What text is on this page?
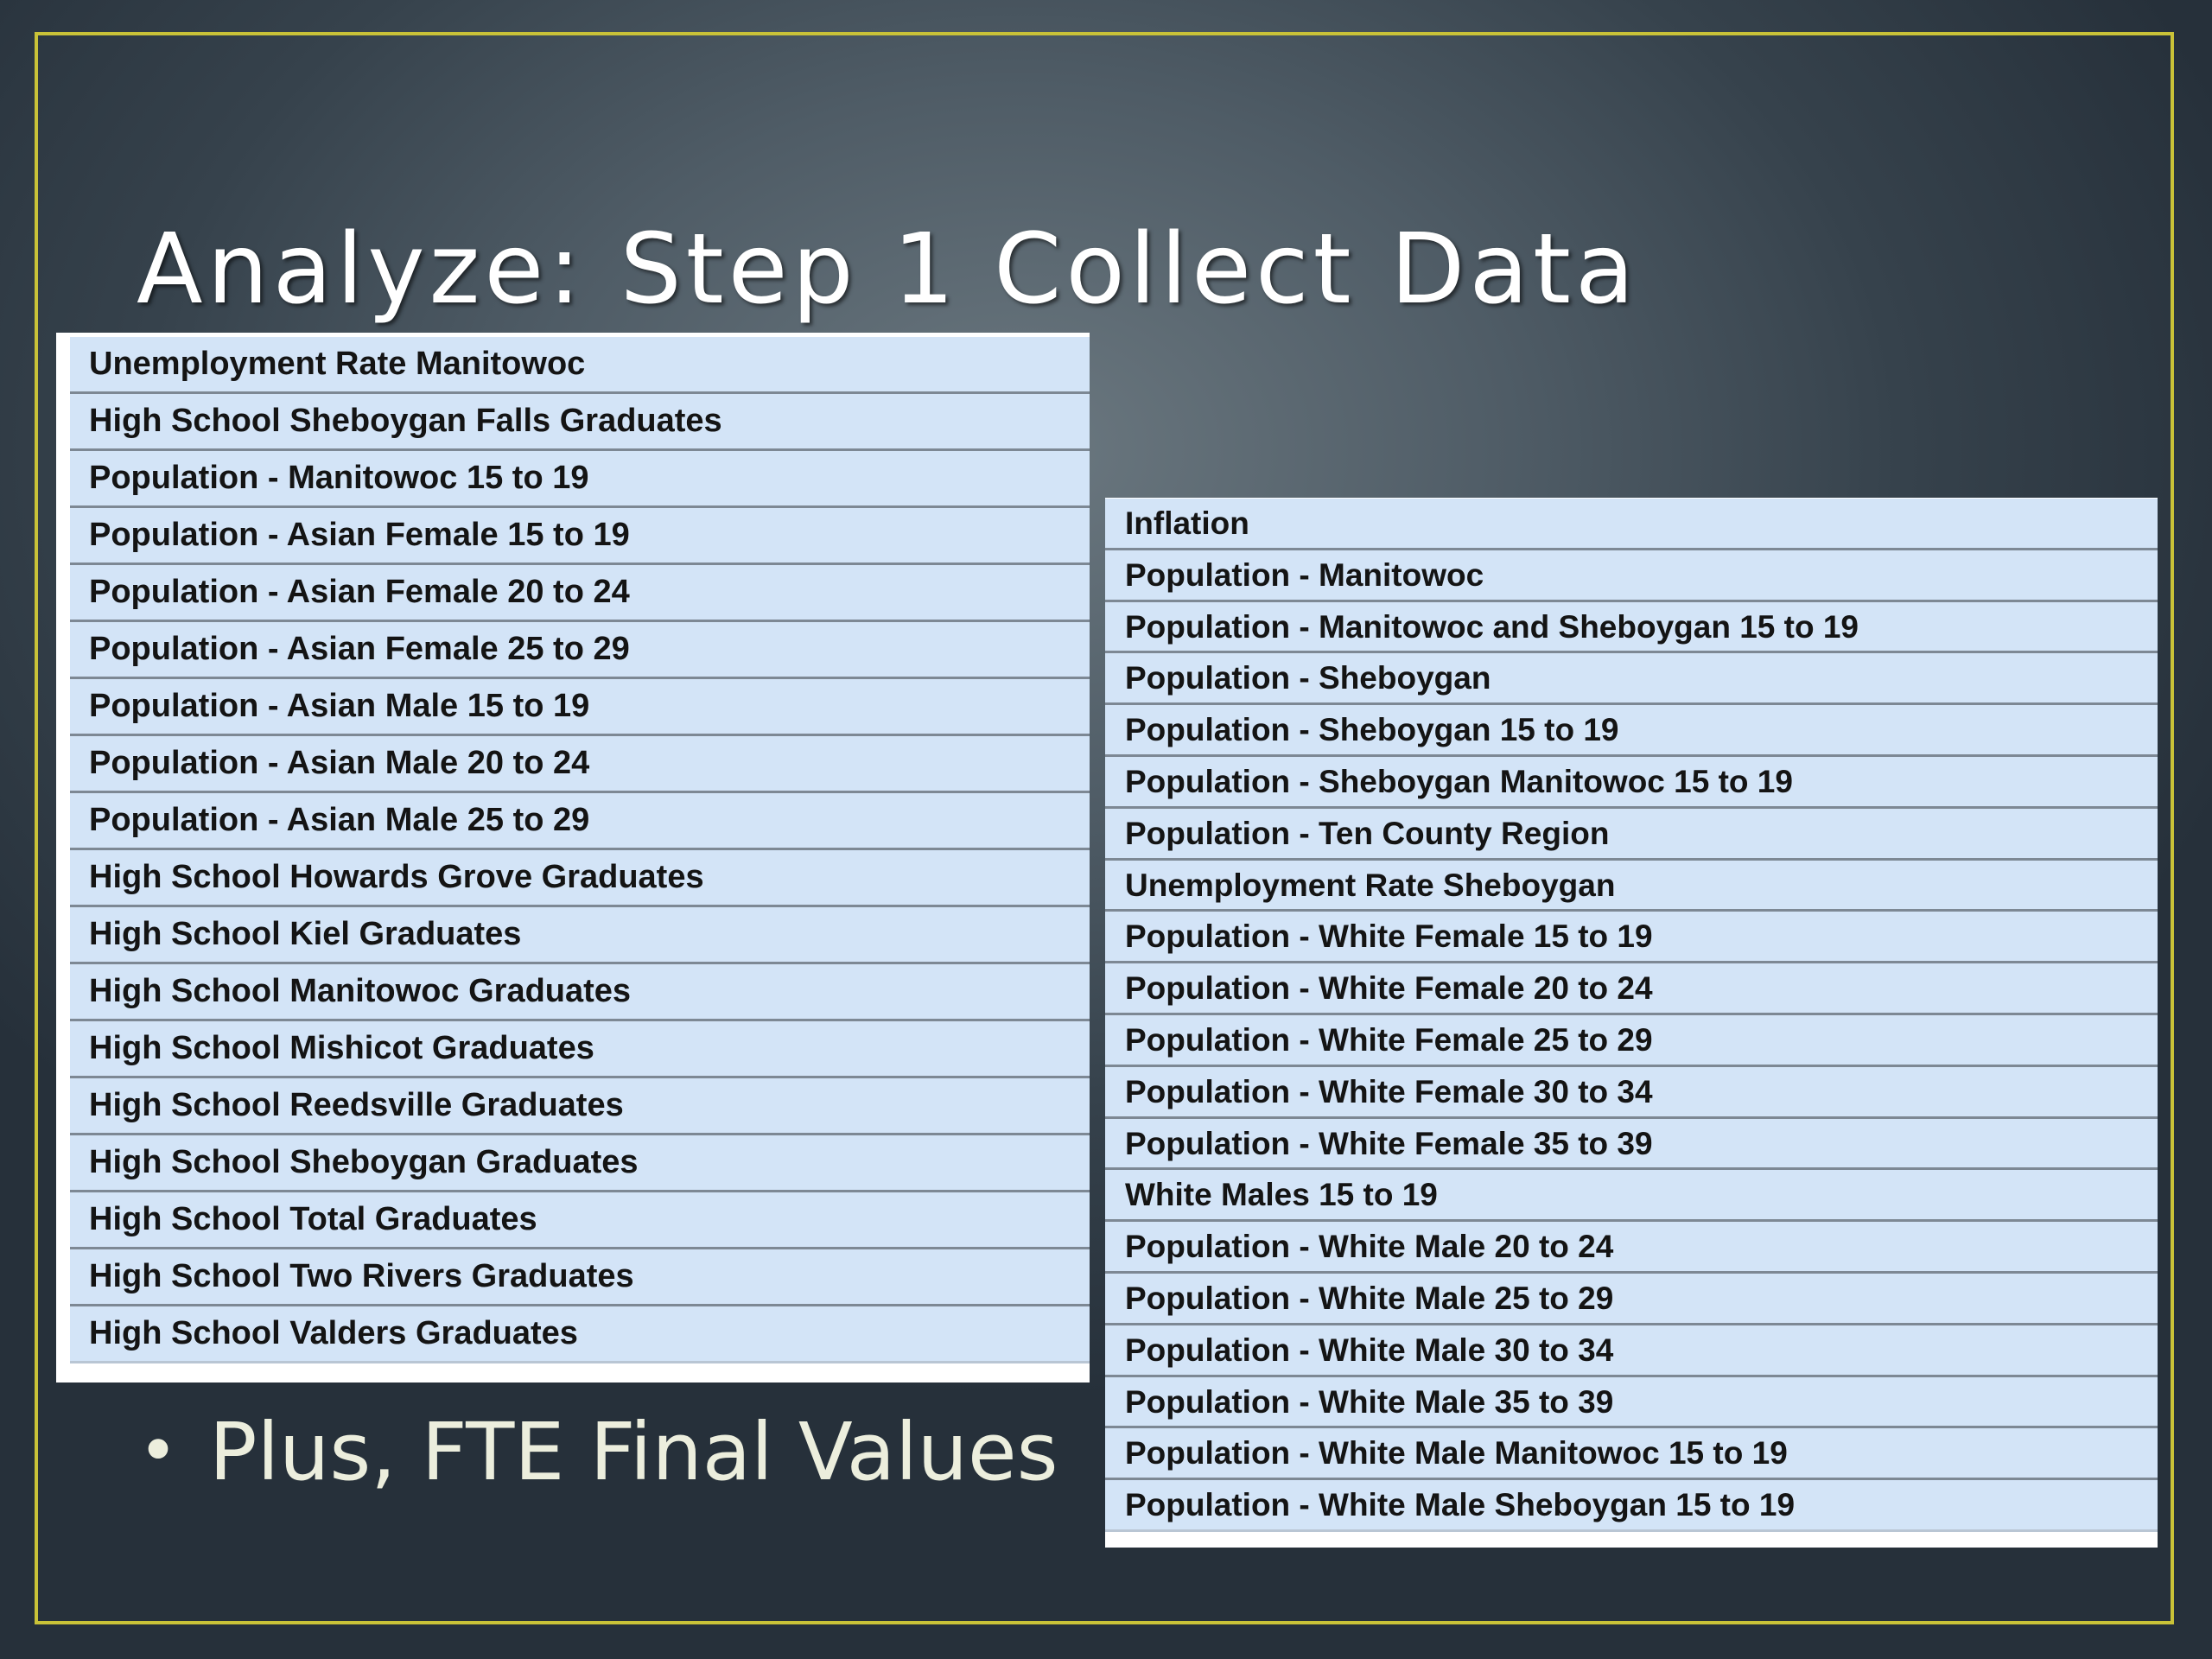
Analyze: Step 1 Collect Data
Unemployment Rate Manitowoc
High School Sheboygan Falls Graduates
Population - Manitowoc 15 to 19
Population - Asian Female 15 to 19
Population - Asian Female 20 to 24
Population - Asian Female 25 to 29
Population - Asian Male 15 to 19
Population - Asian Male 20 to 24
Population - Asian Male 25 to 29
High School Howards Grove Graduates
High School Kiel Graduates
High School Manitowoc Graduates
High School Mishicot Graduates
High School Reedsville Graduates
High School Sheboygan Graduates
High School Total Graduates
High School Two Rivers Graduates
High School Valders Graduates
Inflation
Population - Manitowoc
Population - Manitowoc and Sheboygan 15 to 19
Population - Sheboygan
Population - Sheboygan 15 to 19
Population - Sheboygan Manitowoc 15 to 19
Population - Ten County Region
Unemployment Rate Sheboygan
Population - White Female 15 to 19
Population - White Female 20 to 24
Population - White Female 25 to 29
Population - White Female 30 to 34
Population - White Female 35 to 39
White Males 15 to 19
Population - White Male 20 to 24
Population - White Male 25 to 29
Population - White Male 30 to 34
Population - White Male 35 to 39
Population - White Male Manitowoc 15 to 19
Population - White Male Sheboygan 15 to 19

• Plus, FTE Final Values
